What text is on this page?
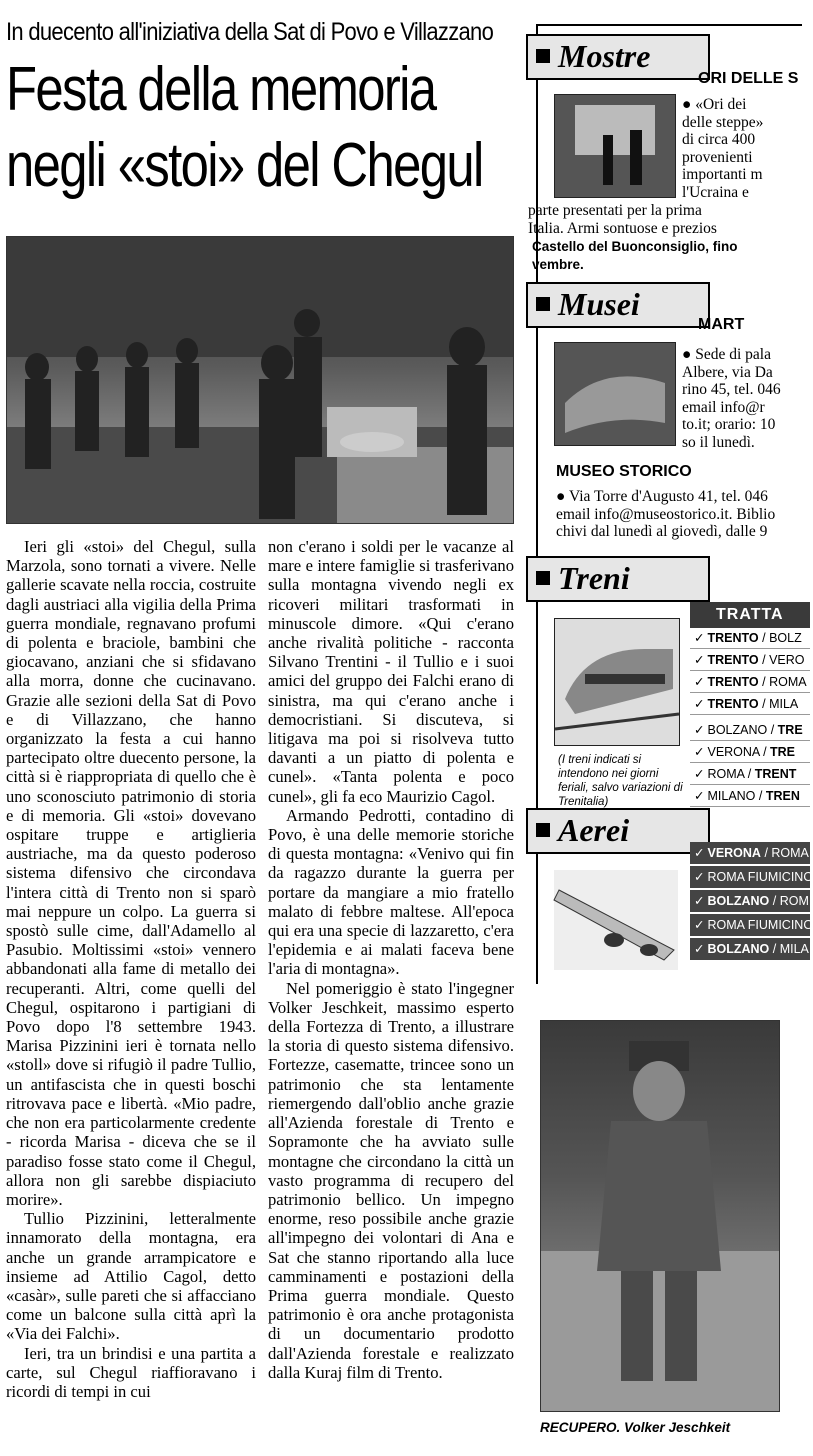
In duecento all'iniziativa della Sat di Povo e Villazzano
Festa della memoria
negli «stoi» del Chegul

Ieri gli «stoi» del Chegul, sulla Marzola, sono tornati a vivere. Nelle gallerie scavate nella roccia, costruite dagli austriaci alla vigilia della Prima guerra mondiale, regnavano profumi di polenta e braciole, bambini che giocavano, anziani che si sfidavano alla morra, donne che cucinavano. Grazie alle sezioni della Sat di Povo e di Villazzano, che hanno organizzato la festa a cui hanno partecipato oltre duecento persone, la città si è riappropriata di quello che è uno sconosciuto patrimonio di storia e di memoria. Gli «stoi» dovevano ospitare truppe e artiglieria austriache, ma da questo poderoso sistema difensivo che circondava l'intera città di Trento non si sparò mai neppure un colpo. La guerra si spostò sulle cime, dall'Adamello al Pasubio. Moltissimi «stoi» vennero abbandonati alla fame di metallo dei recuperanti. Altri, come quelli del Chegul, ospitarono i partigiani di Povo dopo l'8 settembre 1943. Marisa Pizzinini ieri è tornata nello «stoll» dove si rifugiò il padre Tullio, un antifascista che in questi boschi ritrovava pace e libertà. «Mio padre, che non era particolarmente credente - ricorda Marisa - diceva che se il paradiso fosse stato come il Chegul, allora non gli sarebbe dispiaciuto morire».

Tullio Pizzinini, letteralmente innamorato della montagna, era anche un grande arrampicatore e insieme ad Attilio Cagol, detto «casàr», sulle pareti che si affacciano come un balcone sulla città aprì la «Via dei Falchi».

Ieri, tra un brindisi e una partita a carte, sul Chegul riaffioravano i ricordi di tempi in cui

non c'erano i soldi per le vacanze al mare e intere famiglie si trasferivano sulla montagna vivendo negli ex ricoveri militari trasformati in minuscole dimore. «Qui c'erano anche rivalità politiche - racconta Silvano Trentini - il Tullio e i suoi amici del gruppo dei Falchi erano di sinistra, ma qui c'erano anche i democristiani. Si discuteva, si litigava ma poi si risolveva tutto davanti a un piatto di polenta e cunel». «Tanta polenta e poco cunel», gli fa eco Maurizio Cagol.

Armando Pedrotti, contadino di Povo, è una delle memorie storiche di questa montagna: «Venivo qui fin da ragazzo durante la guerra per portare da mangiare a mio fratello malato di febbre maltese. All'epoca qui era una specie di lazzaretto, c'era l'epidemia e ai malati faceva bene l'aria di montagna».

Nel pomeriggio è stato l'ingegner Volker Jeschkeit, massimo esperto della Fortezza di Trento, a illustrare la storia di questo sistema difensivo. Fortezze, casematte, trincee sono un patrimonio che sta lentamente riemergendo dall'oblio anche grazie all'Azienda forestale di Trento e Sopramonte che ha avviato sulle montagne che circondano la città un vasto programma di recupero del patrimonio bellico. Un impegno enorme, reso possibile anche grazie all'impegno dei volontari di Ana e Sat che stanno riportando alla luce camminamenti e postazioni della Prima guerra mondiale. Questo patrimonio è ora anche protagonista di un documentario prodotto dall'Azienda forestale e realizzato dalla Kuraj film di Trento.

Mostre
ORI DELLE S
● «Ori dei
delle steppe»
di circa 400
provenienti
importanti m
l'Ucraina e
parte presentati per la prima
Italia. Armi sontuose e prezios
Castello del Buonconsiglio, fino
vembre.
Musei
MART
● Sede di pala
Albere, via Da
rino 45, tel. 046
email info@r
to.it; orario: 10
so il lunedì.
MUSEO STORICO
● Via Torre d'Augusto 41, tel. 046
email info@museostorico.it. Biblio
chivi dal lunedì al giovedì, dalle 9
Treni
TRATTA
✓ TRENTO / BOLZ
✓ TRENTO / VERO
✓ TRENTO / ROMA
✓ TRENTO / MILA
✓ BOLZANO / TRE
✓ VERONA / TRE
✓ ROMA / TRENT
✓ MILANO / TREN
(I treni indicati si intendono nei giorni feriali, salvo variazioni di Trenitalia)
Aerei
✓ VERONA / ROMA
✓ ROMA FIUMICINO
✓ BOLZANO / ROM
✓ ROMA FIUMICINO
✓ BOLZANO / MILA
RECUPERO. Volker Jeschkeit
